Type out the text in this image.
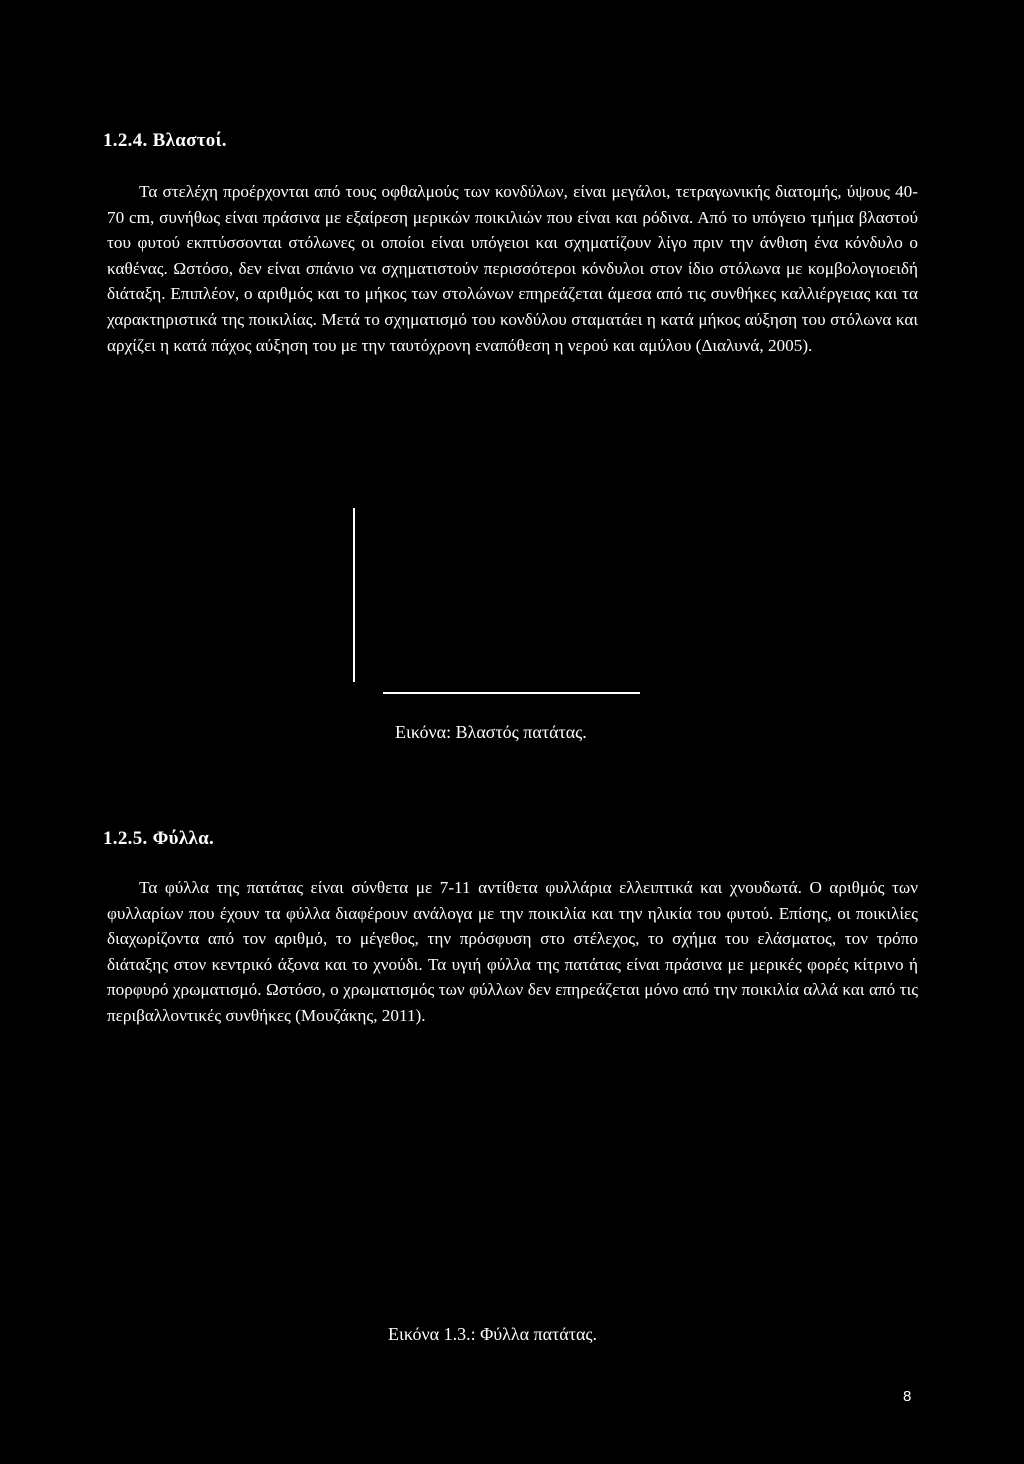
1.2.4. Βλαστοί.
Τα στελέχη προέρχονται από τους οφθαλμούς των κονδύλων, είναι μεγάλοι, τετραγωνικής διατομής, ύψους 40-70 cm, συνήθως είναι πράσινα με εξαίρεση μερικών ποικιλιών που είναι και ρόδινα. Από το υπόγειο τμήμα βλαστού του φυτού εκπτύσσονται στόλωνες οι οποίοι είναι υπόγειοι και σχηματίζουν λίγο πριν την άνθιση ένα κόνδυλο ο καθένας. Ωστόσο, δεν είναι σπάνιο να σχηματιστούν περισσότεροι κόνδυλοι στον ίδιο στόλωνα με κομβολογιοειδή διάταξη. Επιπλέον, ο αριθμός και το μήκος των στολώνων επηρεάζεται άμεσα από τις συνθήκες καλλιέργειας και τα χαρακτηριστικά της ποικιλίας. Μετά το σχηματισμό του κονδύλου σταματάει η κατά μήκος αύξηση του στόλωνα και αρχίζει η κατά πάχος αύξηση του με την ταυτόχρονη εναπόθεση η νερού και αμύλου (Διαλυνά, 2005).
Εικόνα: Βλαστός πατάτας.
1.2.5. Φύλλα.
Τα φύλλα της πατάτας είναι σύνθετα με 7-11 αντίθετα φυλλάρια ελλειπτικά και χνουδωτά. Ο αριθμός των φυλλαρίων που έχουν τα φύλλα διαφέρουν ανάλογα με την ποικιλία και την ηλικία του φυτού. Επίσης, οι ποικιλίες διαχωρίζοντα από τον αριθμό, το μέγεθος, την πρόσφυση στο στέλεχος, το σχήμα του ελάσματος, τον τρόπο διάταξης στον κεντρικό άξονα και το χνούδι. Τα υγιή φύλλα της πατάτας είναι πράσινα με μερικές φορές κίτρινο ή πορφυρό χρωματισμό. Ωστόσο, ο χρωματισμός των φύλλων δεν επηρεάζεται μόνο από την ποικιλία αλλά και από τις περιβαλλοντικές συνθήκες (Μουζάκης, 2011).
Εικόνα 1.3.: Φύλλα πατάτας.
8
